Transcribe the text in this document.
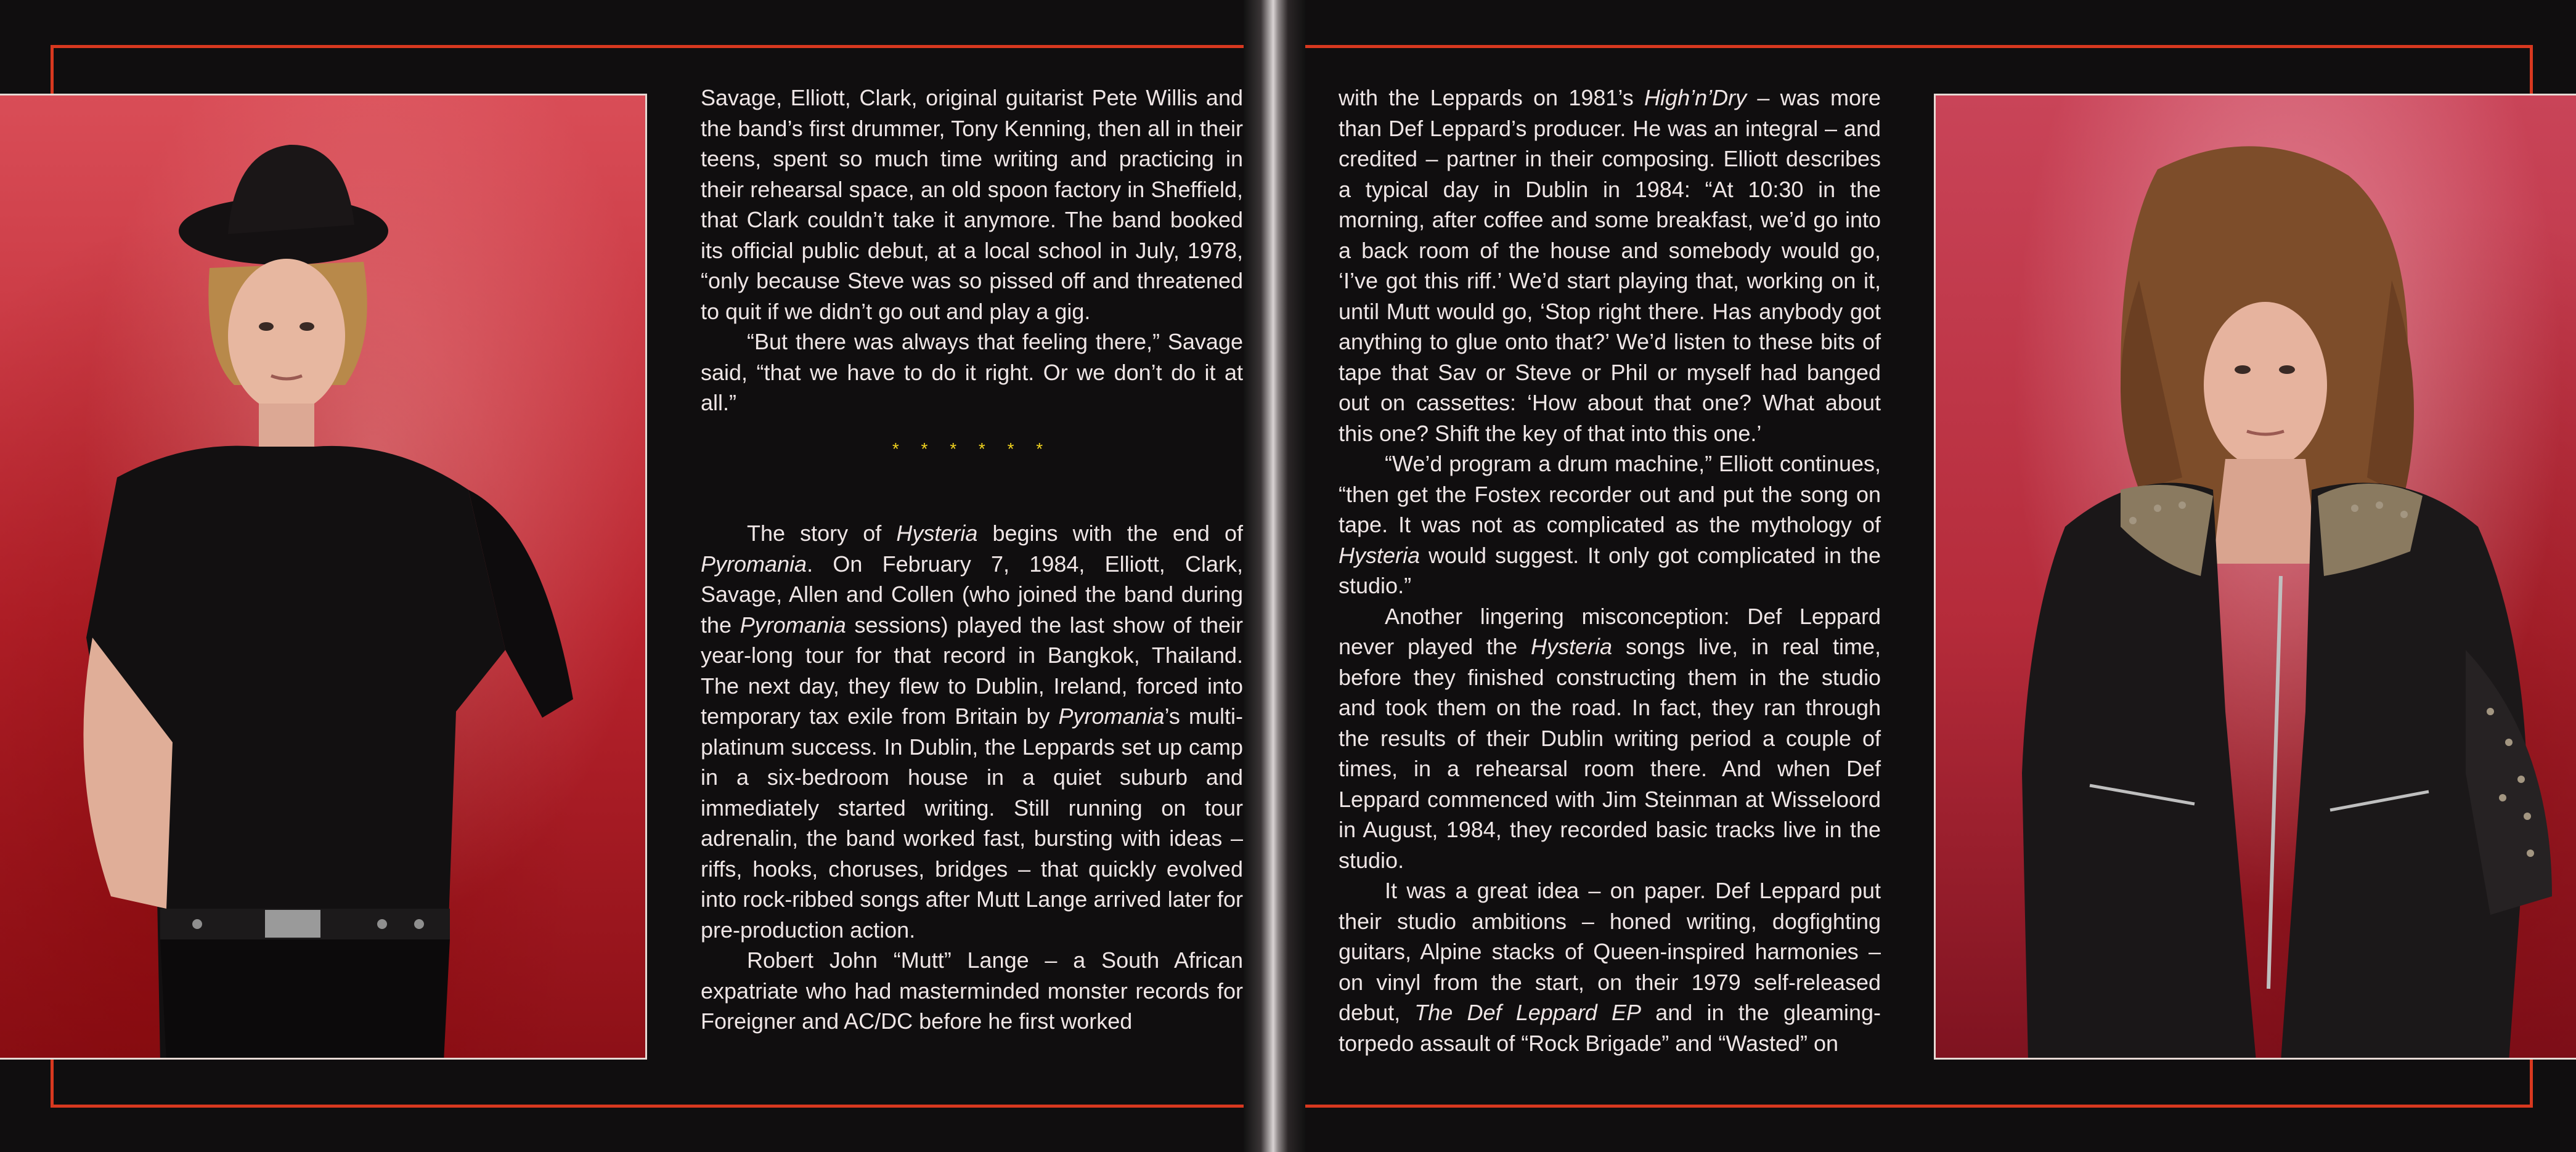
Savage, Elliott, Clark, original guitarist Pete Willis and the band’s first drummer, Tony Kenning, then all in their teens, spent so much time writing and practicing in their rehearsal space, an old spoon factory in Sheffield, that Clark couldn’t take it anymore. The band booked its official public debut, at a local school in July, 1978, “only because Steve was so pissed off and threatened to quit if we didn’t go out and play a gig.

“But there was always that feeling there,” Savage said, “that we have to do it right. Or we don’t do it at all.”

* * * * * *

The story of Hysteria begins with the end of Pyromania. On February 7, 1984, Elliott, Clark, Savage, Allen and Collen (who joined the band during the Pyromania sessions) played the last show of their year-long tour for that record in Bangkok, Thailand. The next day, they flew to Dublin, Ireland, forced into temporary tax exile from Britain by Pyromania’s multi-platinum success. In Dublin, the Leppards set up camp in a six-bedroom house in a quiet suburb and immediately started writing. Still running on tour adrenalin, the band worked fast, bursting with ideas – riffs, hooks, choruses, bridges – that quickly evolved into rock-ribbed songs after Mutt Lange arrived later for pre-production action.

Robert John “Mutt” Lange – a South African expatriate who had masterminded monster records for Foreigner and AC/DC before he first worked

with the Leppards on 1981’s High’n’Dry – was more than Def Leppard’s producer. He was an integral – and credited – partner in their composing. Elliott describes a typical day in Dublin in 1984: “At 10:30 in the morning, after coffee and some breakfast, we’d go into a back room of the house and somebody would go, ‘I’ve got this riff.’ We’d start playing that, working on it, until Mutt would go, ‘Stop right there. Has anybody got anything to glue onto that?’ We’d listen to these bits of tape that Sav or Steve or Phil or myself had banged out on cassettes: ‘How about that one? What about this one? Shift the key of that into this one.’

“We’d program a drum machine,” Elliott continues, “then get the Fostex recorder out and put the song on tape. It was not as complicated as the mythology of Hysteria would suggest. It only got complicated in the studio.”

Another lingering misconception: Def Leppard never played the Hysteria songs live, in real time, before they finished constructing them in the studio and took them on the road. In fact, they ran through the results of their Dublin writing period a couple of times, in a rehearsal room there. And when Def Leppard commenced with Jim Steinman at Wisseloord in August, 1984, they recorded basic tracks live in the studio.

It was a great idea – on paper. Def Leppard put their studio ambitions – honed writing, dogfighting guitars, Alpine stacks of Queen-inspired harmonies – on vinyl from the start, on their 1979 self-released debut, The Def Leppard EP and in the gleaming-torpedo assault of “Rock Brigade” and “Wasted” on
